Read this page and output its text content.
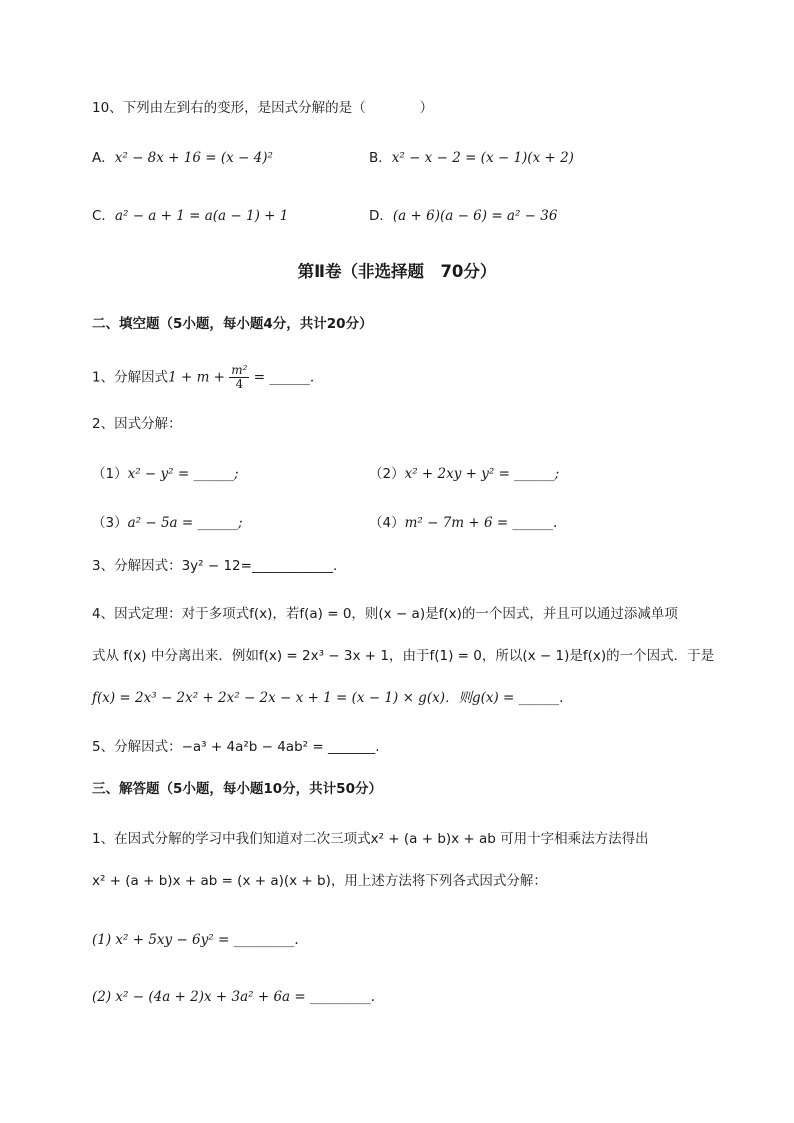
10、下列由左到右的变形，是因式分解的是（　　　　）
A．x² − 8x + 16 = (x − 4)²	B．x² − x − 2 = (x − 1)(x + 2)
C．a² − a + 1 = a(a − 1) + 1	D．(a + 6)(a − 6) = a² − 36
第Ⅱ卷（非选择题　70分）
二、填空题（5小题，每小题4分，共计20分）
1、分解因式$1 + m + \frac{\text{m²}}{4}$ = ______.
2、因式分解：
（1）x² − y² = ______;	（2）x² + 2xy + y² = ______;
（3）a² − 5a = ______;	（4）m² − 7m + 6 = ______.
3、分解因式：3y² − 12=____________.
4、因式定理：对于多项式f(x)，若f(a) = 0，则(x − a)是f(x)的一个因式，并且可以通过添减单项
式从 f(x) 中分离出来．例如f(x) = 2x³ − 3x + 1，由于f(1) = 0，所以(x − 1)是f(x)的一个因式．于是
f(x) = 2x³ − 2x² + 2x² − 2x − x + 1 = (x − 1) × g(x)．则g(x) = ______.
5、分解因式：−a³ + 4a²b − 4ab² = _______.
三、解答题（5小题，每小题10分，共计50分）
1、在因式分解的学习中我们知道对二次三项式x² + (a + b)x + ab 可用十字相乘法方法得出
x² + (a + b)x + ab = (x + a)(x + b)，用上述方法将下列各式因式分解：
(1) x² + 5xy − 6y² = _________.
(2) x² − (4a + 2)x + 3a² + 6a = _________.
